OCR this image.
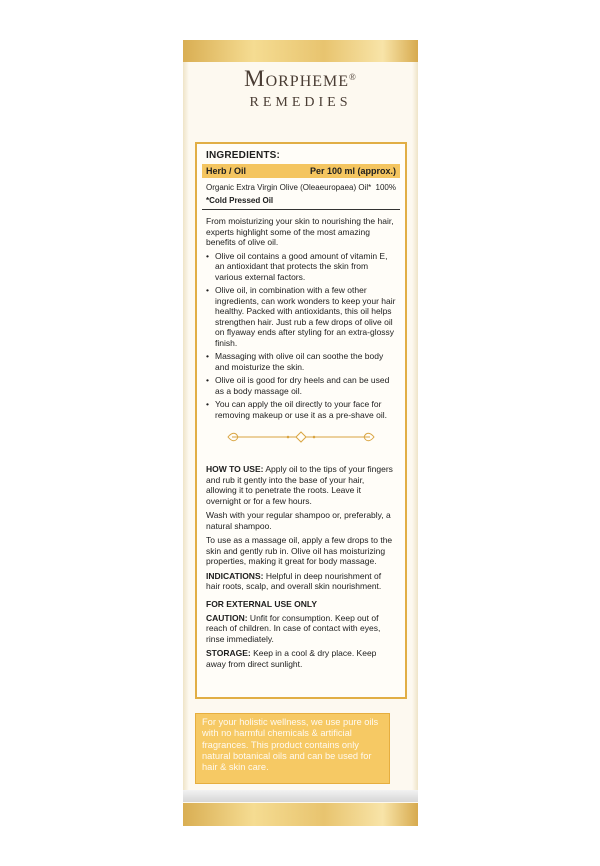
Morpheme®
REMEDIES
INGREDIENTS:
Herb / Oil	Per 100 ml (approx.)
Organic Extra Virgin Olive (Oleaeuropaea) Oil* 100%
*Cold Pressed Oil
From moisturizing your skin to nourishing the hair, experts highlight some of the most amazing benefits of olive oil.
• Olive oil contains a good amount of vitamin E, an antioxidant that protects the skin from various external factors.
• Olive oil, in combination with a few other ingredients, can work wonders to keep your hair healthy. Packed with antioxidants, this oil helps strengthen hair. Just rub a few drops of olive oil on flyaway ends after styling for an extra-glossy finish.
• Massaging with olive oil can soothe the body and moisturize the skin.
• Olive oil is good for dry heels and can be used as a body massage oil.
• You can apply the oil directly to your face for removing makeup or use it as a pre-shave oil.
HOW TO USE: Apply oil to the tips of your fingers and rub it gently into the base of your hair, allowing it to penetrate the roots. Leave it overnight or for a few hours.
Wash with your regular shampoo or, preferably, a natural shampoo.
To use as a massage oil, apply a few drops to the skin and gently rub in. Olive oil has moisturizing properties, making it great for body massage.
INDICATIONS: Helpful in deep nourishment of hair roots, scalp, and overall skin nourishment.
FOR EXTERNAL USE ONLY
CAUTION: Unfit for consumption. Keep out of reach of children. In case of contact with eyes, rinse immediately.
STORAGE: Keep in a cool & dry place. Keep away from direct sunlight.
For your holistic wellness, we use pure oils with no harmful chemicals & artificial fragrances. This product contains only natural botanical oils and can be used for hair & skin care.
